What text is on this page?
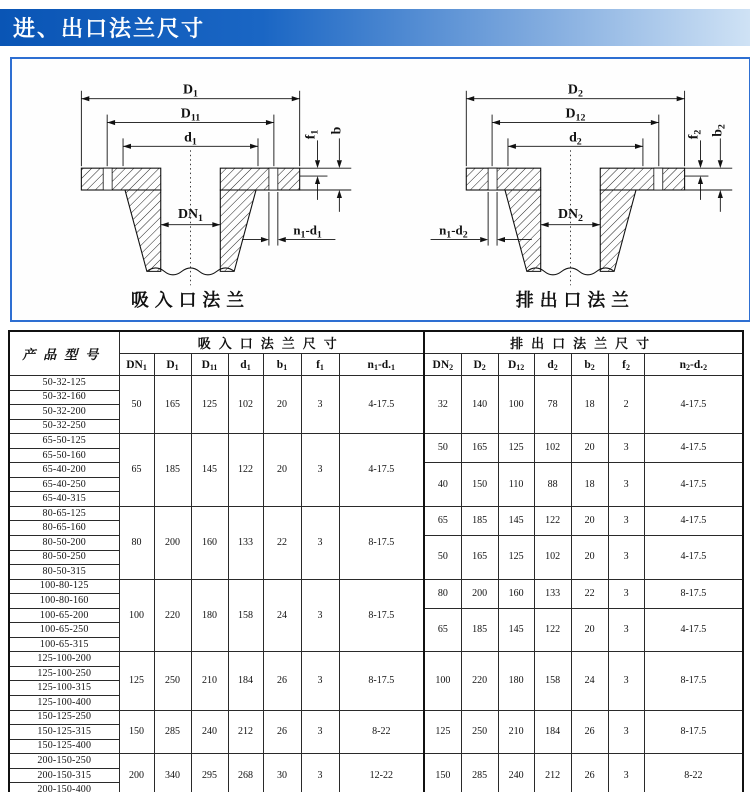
进、出口法兰尺寸
$D_1$
$D_{11}$
$d_1$
$DN_1$
$f_1$ b
$n_1-d_1$
吸入口法兰
$D_2$
$D_{12}$
$d_2$
$DN_2$
$f_2$ $b_2$
$n_1-d_2$
排出口法兰
产品型号	吸入口法兰尺寸							排出口法兰尺寸						
	$DN_1$	$D_1$	$D_{11}$	$d_1$	$b_1$	$f_1$	$n_1-d._1$	$DN_2$	$D_2$	$D_{12}$	$d_2$	$b_2$	$f_2$	$n_2-d._2$
50-32-125	50	165	125	102	20	3	4-17.5	32	140	100	78	18	2	4-17.5
50-32-160														
50-32-200														
50-32-250														
65-50-125	65	185	145	122	20	3	4-17.5	50	165	125	102	20	3	4-17.5
65-50-160														
65-40-200								40	150	110	88	18	3	4-17.5
65-40-250														
65-40-315														
80-65-125	80	200	160	133	22	3	8-17.5	65	185	145	122	20	3	4-17.5
80-65-160														
80-50-200								50	165	125	102	20	3	4-17.5
80-50-250														
80-50-315														
100-80-125	100	220	180	158	24	3	8-17.5	80	200	160	133	22	3	8-17.5
100-80-160														
100-65-200								65	185	145	122	20	3	4-17.5
100-65-250														
100-65-315														
125-100-200	125	250	210	184	26	3	8-17.5	100	220	180	158	24	3	8-17.5
125-100-250														
125-100-315														
125-100-400														
150-125-250	150	285	240	212	26	3	8-22	125	250	210	184	26	3	8-17.5
150-125-315														
150-125-400														
200-150-250	200	340	295	268	30	3	12-22	150	285	240	212	26	3	8-22
200-150-315														
200-150-400														
